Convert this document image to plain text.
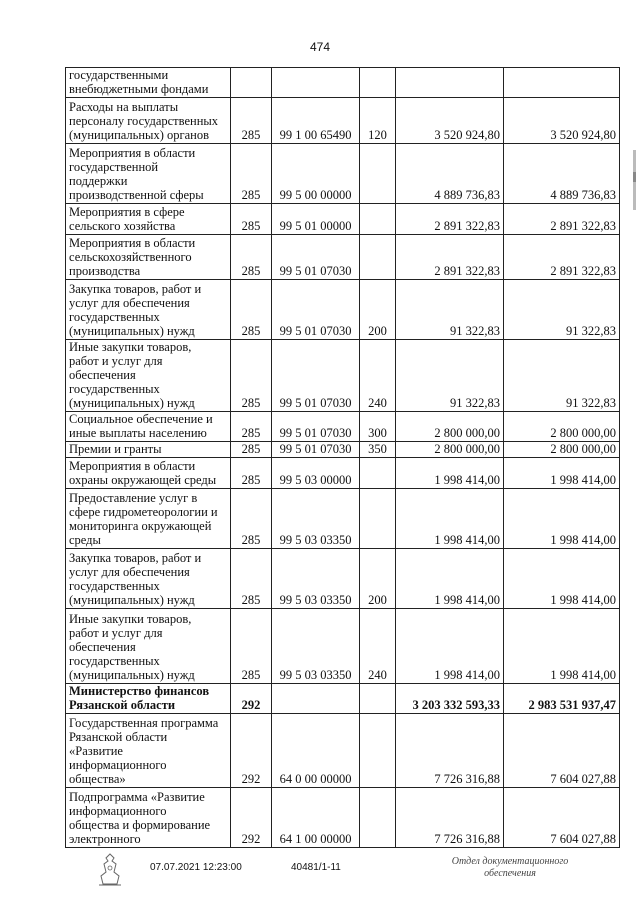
474
государственными
внебюджетными фондами					
Расходы на выплаты
персоналу государственных
(муниципальных) органов	285	99 1 00 65490	120	3 520 924,80	3 520 924,80
Мероприятия в области
государственной
поддержки
производственной сферы	285	99 5 00 00000		4 889 736,83	4 889 736,83
Мероприятия в сфере
сельского хозяйства	285	99 5 01 00000		2 891 322,83	2 891 322,83
Мероприятия в области
сельскохозяйственного
производства	285	99 5 01 07030		2 891 322,83	2 891 322,83
Закупка товаров, работ и
услуг для обеспечения
государственных
(муниципальных) нужд	285	99 5 01 07030	200	91 322,83	91 322,83
Иные закупки товаров,
работ и услуг для
обеспечения
государственных
(муниципальных) нужд	285	99 5 01 07030	240	91 322,83	91 322,83
Социальное обеспечение и
иные выплаты населению	285	99 5 01 07030	300	2 800 000,00	2 800 000,00
Премии и гранты	285	99 5 01 07030	350	2 800 000,00	2 800 000,00
Мероприятия в области
охраны окружающей среды	285	99 5 03 00000		1 998 414,00	1 998 414,00
Предоставление услуг в
сфере гидрометеорологии и
мониторинга окружающей
среды	285	99 5 03 03350		1 998 414,00	1 998 414,00
Закупка товаров, работ и
услуг для обеспечения
государственных
(муниципальных) нужд	285	99 5 03 03350	200	1 998 414,00	1 998 414,00
Иные закупки товаров,
работ и услуг для
обеспечения
государственных
(муниципальных) нужд	285	99 5 03 03350	240	1 998 414,00	1 998 414,00
Министерство финансов
Рязанской области	292			3 203 332 593,33	2 983 531 937,47
Государственная программа
Рязанской области
«Развитие
информационного
общества»	292	64 0 00 00000		7 726 316,88	7 604 027,88
Подпрограмма «Развитие
информационного
общества и формирование
электронного	292	64 1 00 00000		7 726 316,88	7 604 027,88
07.07.2021 12:23:00	40481/1-11
Отдел документационного
обеспечения
